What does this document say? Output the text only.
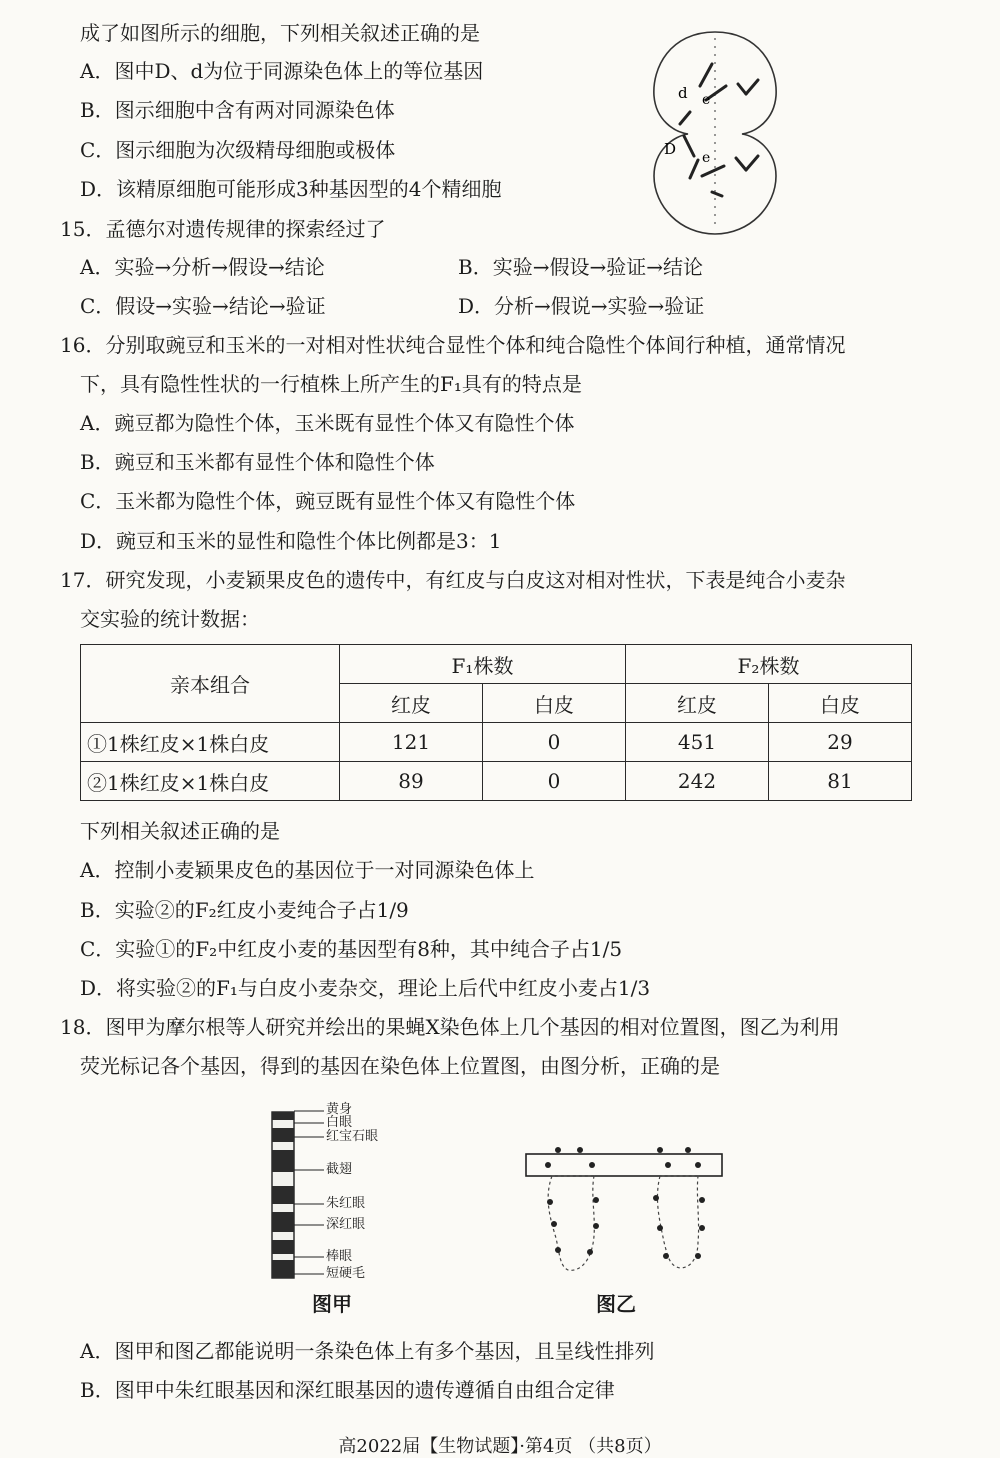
成了如图所示的细胞，下列相关叙述正确的是
A．图中D、d为位于同源染色体上的等位基因
B．图示细胞中含有两对同源染色体
C．图示细胞为次级精母细胞或极体
D．该精原细胞可能形成3种基因型的4个精细胞
d e
D e
15．孟德尔对遗传规律的探索经过了
A．实验→分析→假设→结论	B．实验→假设→验证→结论
C．假设→实验→结论→验证	D．分析→假说→实验→验证
16．分别取豌豆和玉米的一对相对性状纯合显性个体和纯合隐性个体间行种植，通常情况
下，具有隐性性状的一行植株上所产生的F₁具有的特点是
A．豌豆都为隐性个体，玉米既有显性个体又有隐性个体
B．豌豆和玉米都有显性个体和隐性个体
C．玉米都为隐性个体，豌豆既有显性个体又有隐性个体
D．豌豆和玉米的显性和隐性个体比例都是3：1
17．研究发现，小麦颖果皮色的遗传中，有红皮与白皮这对相对性状，下表是纯合小麦杂
交实验的统计数据：
亲本组合	F₁株数		F₂株数	
	红皮	白皮	红皮	白皮
①1株红皮×1株白皮	121	0	451	29
②1株红皮×1株白皮	89	0	242	81
下列相关叙述正确的是
A．控制小麦颖果皮色的基因位于一对同源染色体上
B．实验②的F₂红皮小麦纯合子占1/9
C．实验①的F₂中红皮小麦的基因型有8种，其中纯合子占1/5
D．将实验②的F₁与白皮小麦杂交，理论上后代中红皮小麦占1/3
18．图甲为摩尔根等人研究并绘出的果蝇X染色体上几个基因的相对位置图，图乙为利用
荧光标记各个基因，得到的基因在染色体上位置图，由图分析，正确的是
黄身
白眼
红宝石眼
截翅
朱红眼
深红眼
棒眼
短硬毛
图甲	图乙
A．图甲和图乙都能说明一条染色体上有多个基因，且呈线性排列
B．图甲中朱红眼基因和深红眼基因的遗传遵循自由组合定律
高2022届【生物试题】·第4页 （共8页）
